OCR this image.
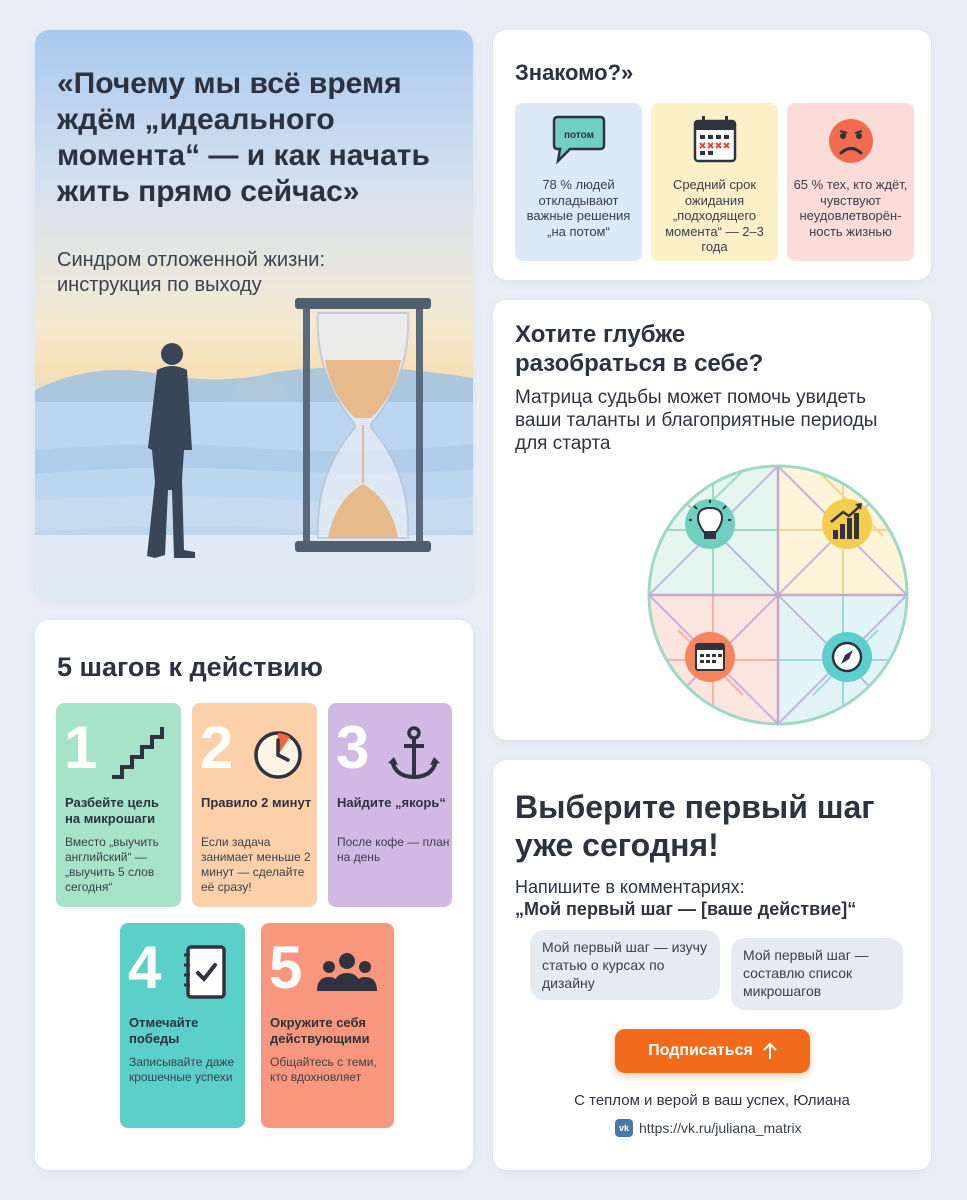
«Почему мы всё время ждём „идеального момента“ — и как начать жить прямо сейчас»
Синдром отложенной жизни: инструкция по выходу
Знакомо?»
потом
78 % людей откладывают важные решения „на потом“
Средний срок ожидания „подходящего момента“ — 2–3 года
65 % тех, кто ждёт, чувствуют неудовлетворён-ность жизнью
Хотите глубже разобраться в себе?
Матрица судьбы может помочь увидеть ваши таланты и благоприятные периоды для старта
5 шагов к действию
1
Разбейте цель на микрошаги
Вместо „выучить английский“ — „выучить 5 слов сегодня“
2
Правило 2 минут
Если задача занимает меньше 2 минут — сделайте её сразу!
3
Найдите „якорь“
После кофе — план на день
4
Отмечайте победы
Записывайте даже крошечные успехи
5
Окружите себя действующими
Общайтесь с теми, кто вдохновляет
Выберите первый шаг уже сегодня!
Напишите в комментариях:
„Мой первый шаг — [ваше действие]“
Мой первый шаг — изучу статью о курсах по дизайну
Мой первый шаг — составлю список микрошагов
Подписаться
С теплом и верой в ваш успех, Юлиана
vk https://vk.ru/juliana_matrix
